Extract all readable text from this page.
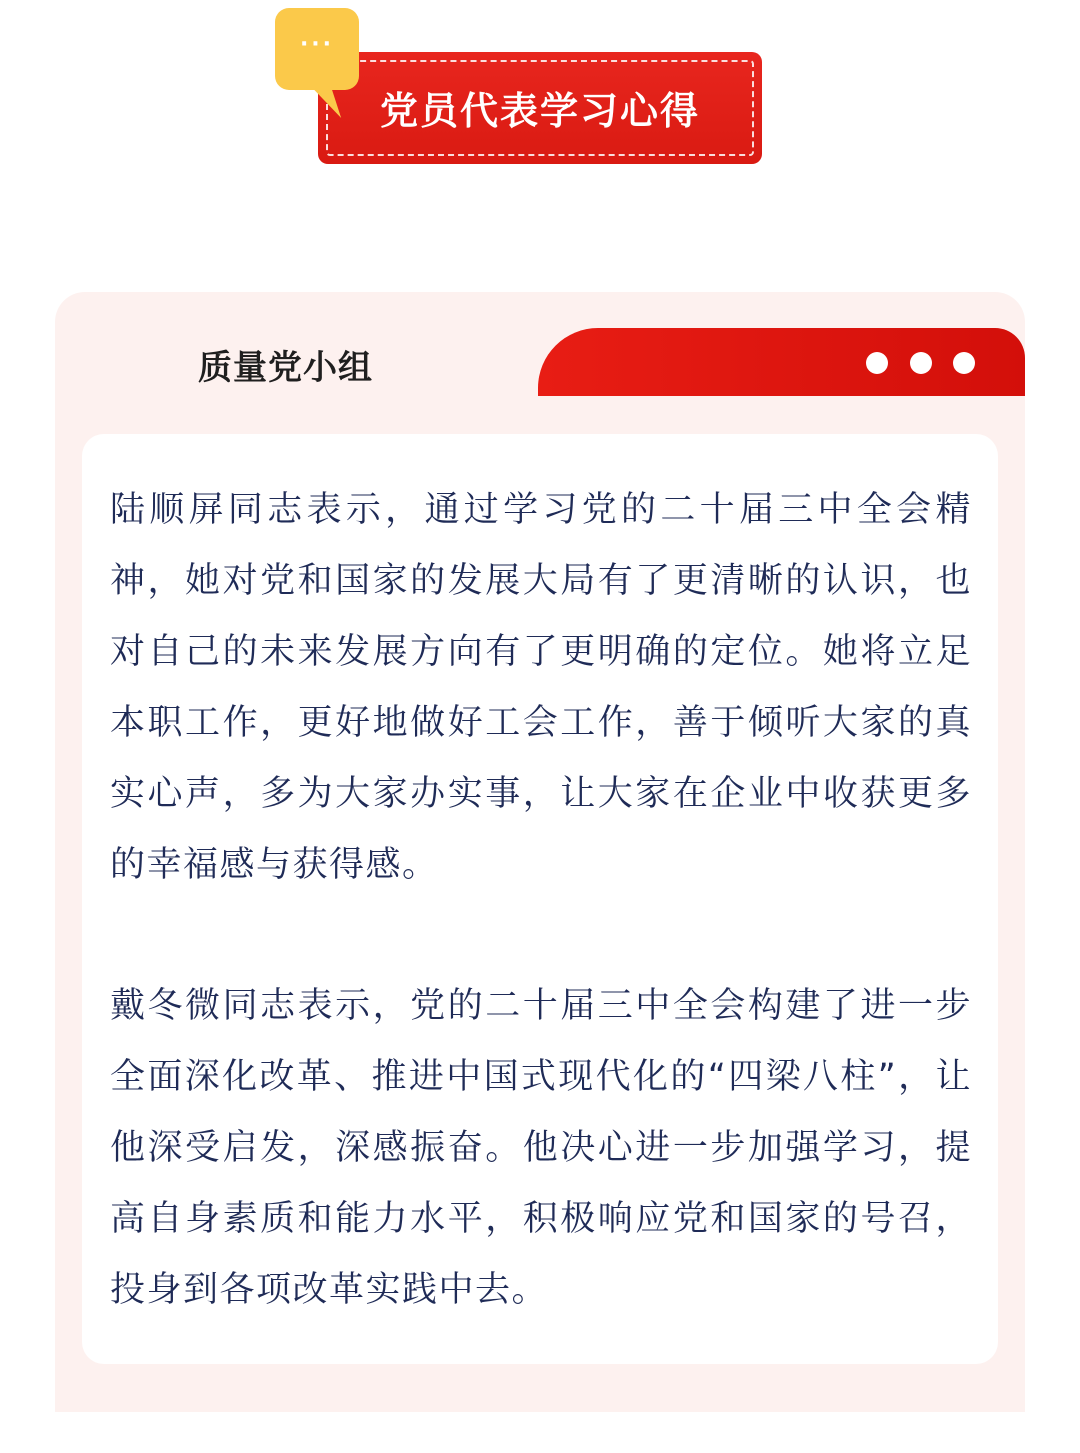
···
党员代表学习心得
质量党小组

陆顺屏同志表示，通过学习党的二十届三中全会精神，她对党和国家的发展大局有了更清晰的认识，也对自己的未来发展方向有了更明确的定位。她将立足本职工作，更好地做好工会工作，善于倾听大家的真实心声，多为大家办实事，让大家在企业中收获更多的幸福感与获得感。

戴冬微同志表示，党的二十届三中全会构建了进一步全面深化改革、推进中国式现代化的“四梁八柱”，让他深受启发，深感振奋。他决心进一步加强学习，提高自身素质和能力水平，积极响应党和国家的号召，投身到各项改革实践中去。
